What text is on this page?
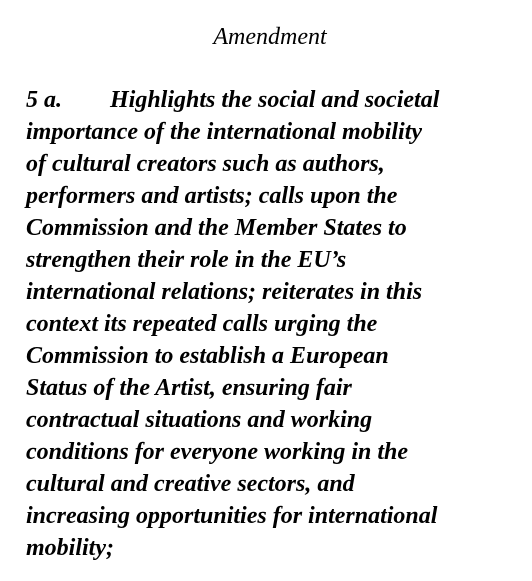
Amendment
5 a. Highlights the social and societal
importance of the international mobility
of cultural creators such as authors,
performers and artists; calls upon the
Commission and the Member States to
strengthen their role in the EU’s
international relations; reiterates in this
context its repeated calls urging the
Commission to establish a European
Status of the Artist, ensuring fair
contractual situations and working
conditions for everyone working in the
cultural and creative sectors, and
increasing opportunities for international
mobility;
